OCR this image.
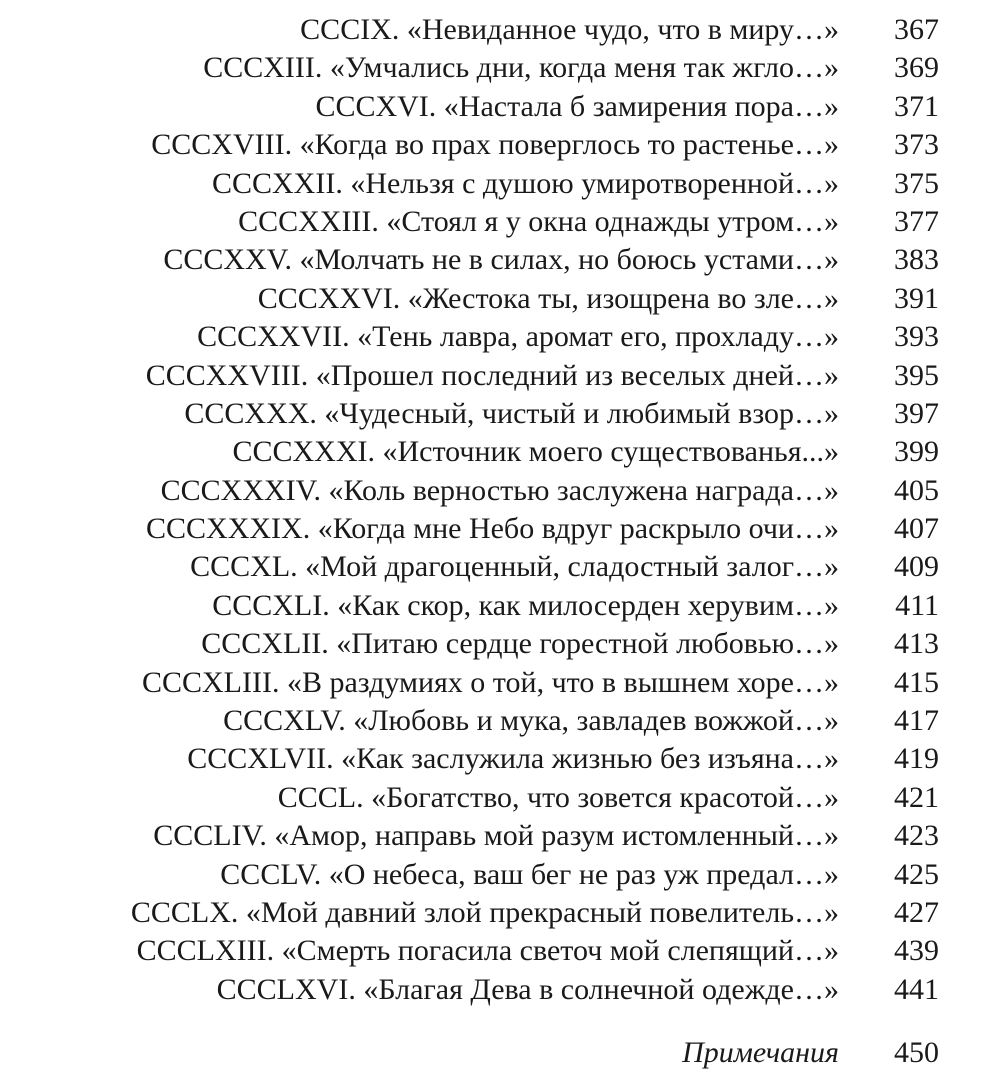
CCCIX. «Невиданное чудо, что в миру…»	367
CCCXIII. «Умчались дни, когда меня так жгло…»	369
CCCXVI. «Настала б замирения пора…»	371
CCCXVIII. «Когда во прах поверглось то растенье…»	373
CCCXXII. «Нельзя с душою умиротворенной…»	375
CCCXXIII. «Стоял я у окна однажды утром…»	377
CCCXXV. «Молчать не в силах, но боюсь устами…»	383
CCCXXVI. «Жестока ты, изощрена во зле…»	391
CCCXXVII. «Тень лавра, аромат его, прохладу…»	393
CCCXXVIII. «Прошел последний из веселых дней…»	395
CCCXXX. «Чудесный, чистый и любимый взор…»	397
CCCXXXI. «Источник моего существованья...»	399
CCCXXXIV. «Коль верностью заслужена награда…»	405
CCCXXXIX. «Когда мне Небо вдруг раскрыло очи…»	407
CCCXL. «Мой драгоценный, сладостный залог…»	409
CCCXLI. «Как скор, как милосерден херувим…»	411
CCCXLII. «Питаю сердце горестной любовью…»	413
CCCXLIII. «В раздумиях о той, что в вышнем хоре…»	415
CCCXLV. «Любовь и мука, завладев вожжой…»	417
CCCXLVII. «Как заслужила жизнью без изъяна…»	419
CCCL. «Богатство, что зовется красотой…»	421
CCCLIV. «Амор, направь мой разум истомленный…»	423
CCCLV. «О небеса, ваш бег не раз уж предал…»	425
CCCLX. «Мой давний злой прекрасный повелитель…»	427
CCCLXIII. «Смерть погасила светоч мой слепящий…»	439
CCCLXVI. «Благая Дева в солнечной одежде…»	441
Примечания	450
